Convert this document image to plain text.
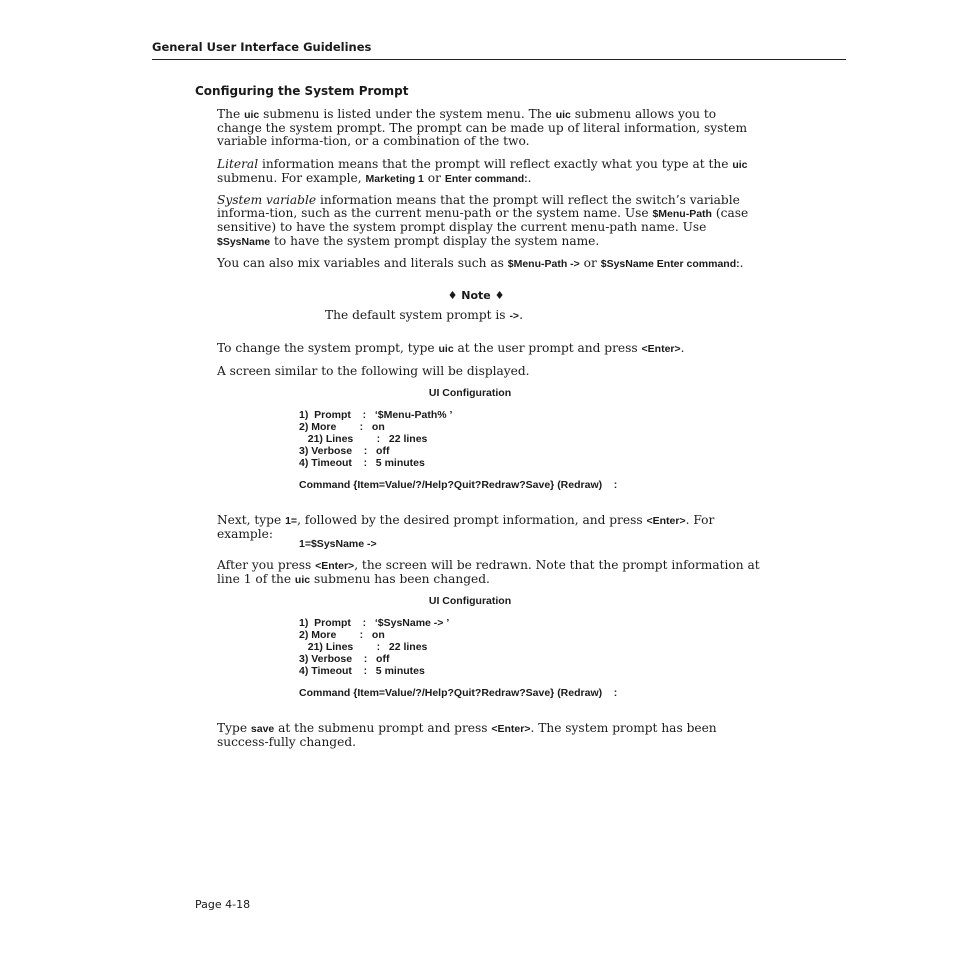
General User Interface Guidelines
Configuring the System Prompt
The uic submenu is listed under the system menu. The uic submenu allows you to change the system prompt. The prompt can be made up of literal information, system variable informa-tion, or a combination of the two.
Literal information means that the prompt will reflect exactly what you type at the uic submenu. For example, Marketing 1 or Enter command:.
System variable information means that the prompt will reflect the switch’s variable informa-tion, such as the current menu-path or the system name. Use $Menu-Path (case sensitive) to have the system prompt display the current menu-path name. Use $SysName to have the system prompt display the system name.
You can also mix variables and literals such as $Menu-Path -> or $SysName Enter command:.
♦ Note ♦
The default system prompt is ->.
To change the system prompt, type uic at the user prompt and press <Enter>.
A screen similar to the following will be displayed.
UI Configuration
1)  Prompt    :   ‘$Menu-Path% ’
2) More        :   on
21) Lines        :   22 lines
3) Verbose    :   off
4) Timeout    :   5 minutes
Command {Item=Value/?/Help?Quit?Redraw?Save} (Redraw)    :
Next, type 1=, followed by the desired prompt information, and press <Enter>. For example:
1=$SysName ->
After you press <Enter>, the screen will be redrawn. Note that the prompt information at line 1 of the uic submenu has been changed.
UI Configuration
1)  Prompt    :   ‘$SysName -> ’
2) More        :   on
21) Lines        :   22 lines
3) Verbose    :   off
4) Timeout    :   5 minutes
Command {Item=Value/?/Help?Quit?Redraw?Save} (Redraw)    :
Type save at the submenu prompt and press <Enter>. The system prompt has been success-fully changed.
Page 4-18
